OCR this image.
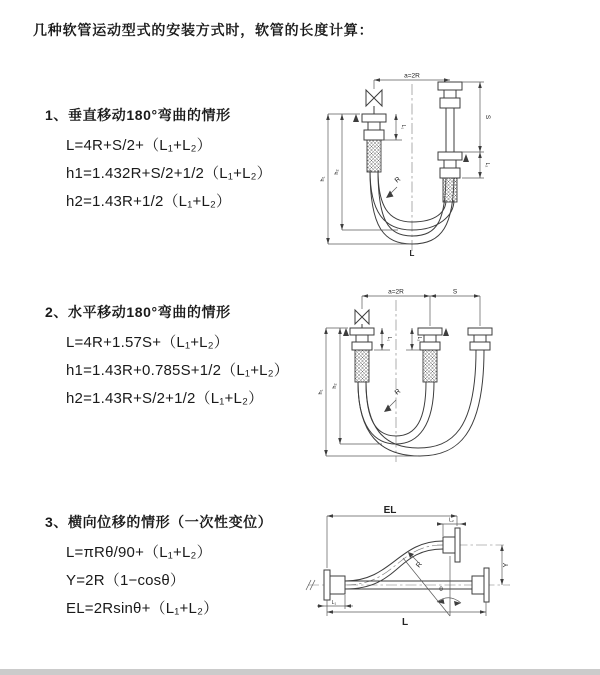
几种软管运动型式的安装方式时，软管的长度计算：
1、垂直移动180°弯曲的情形
L=4R+S/2+（L₁+L₂）
h1=1.432R+S/2+1/2（L₁+L₂）
h2=1.43R+1/2（L₁+L₂）
2、水平移动180°弯曲的情形
L=4R+1.57S+（L₁+L₂）
h1=1.43R+0.785S+1/2（L₁+L₂）
h2=1.43R+S/2+1/2（L₁+L₂）
3、横向位移的情形（一次性变位）
L=πRθ/90+（L₁+L₂）
Y=2R（1−cosθ）
EL=2Rsinθ+（L₁+L₂）
a=2R
S
L₂
L₁
h₁
h₂
R
L
a=2R	S
h₁
h₂
L₁	L₂
R
θ
EL
L₂
Y
L
L₁
R
